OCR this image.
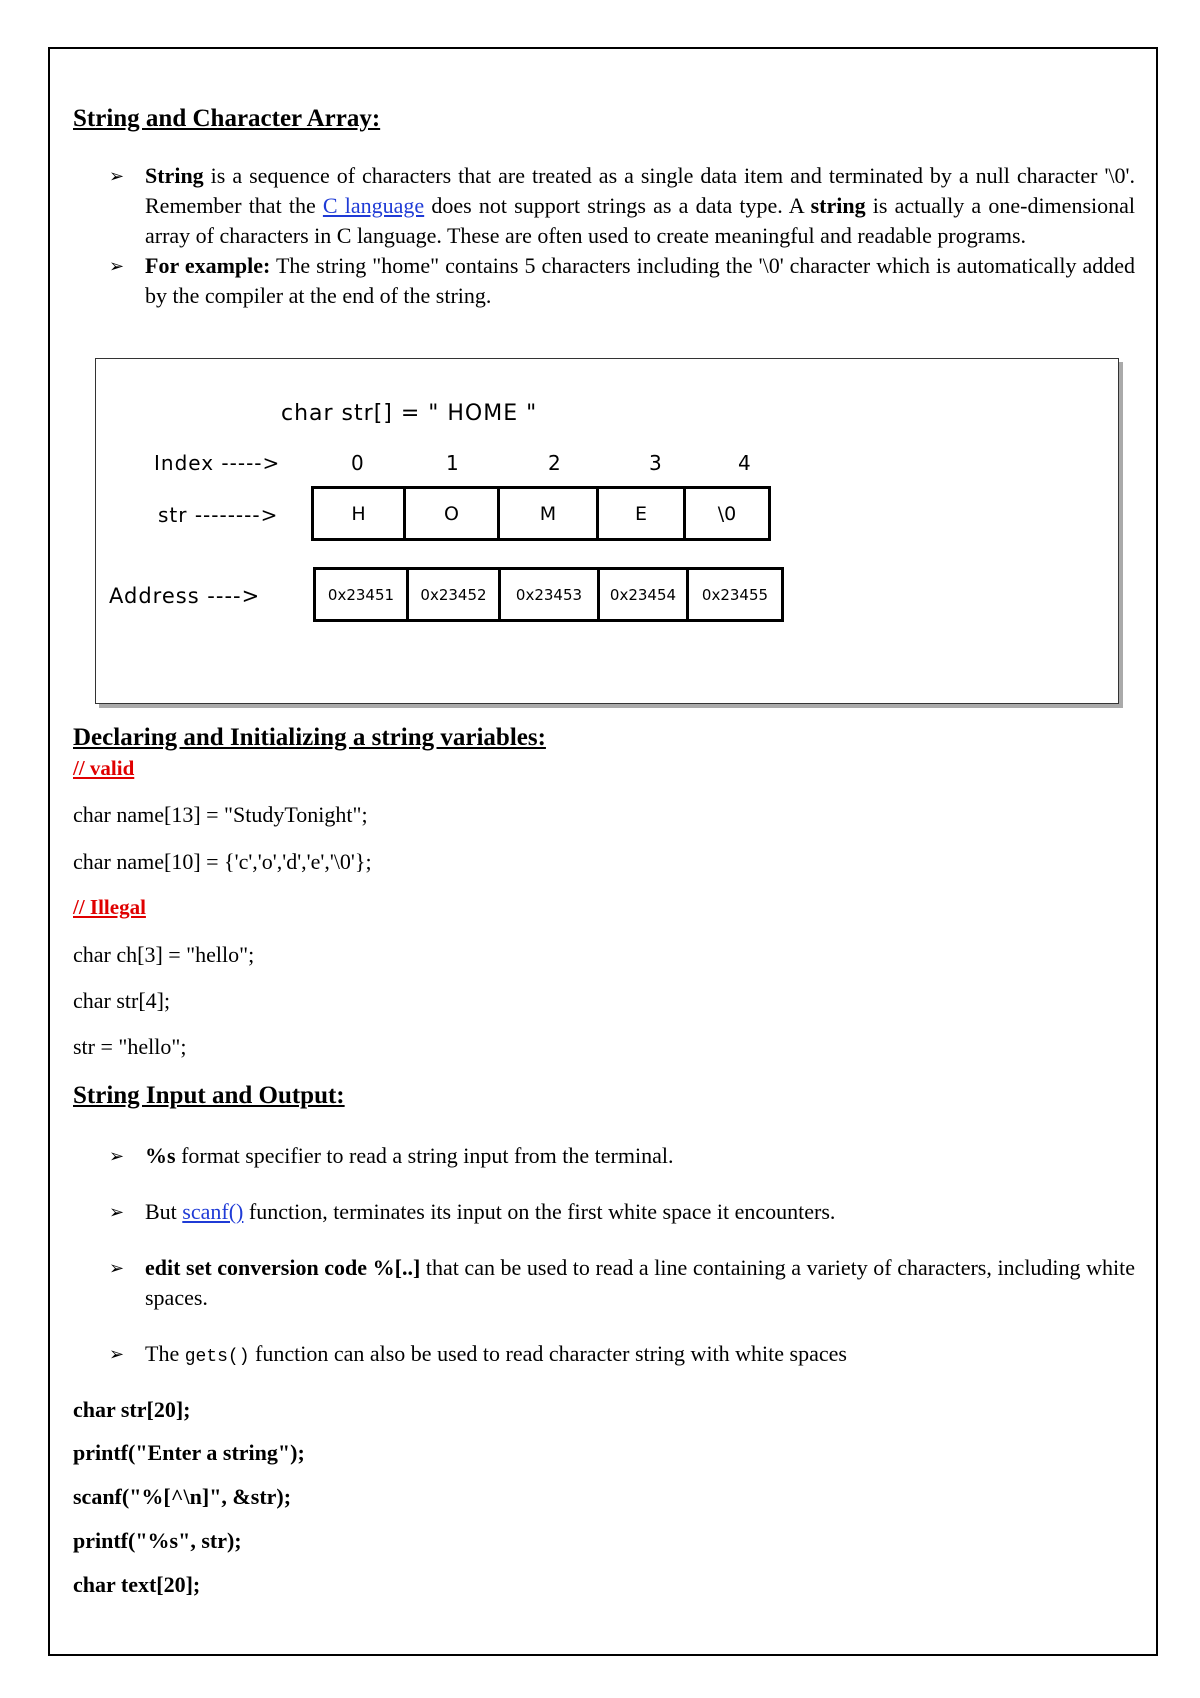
String and Character Array:
➢ String is a sequence of characters that are treated as a single data item and terminated by a null character '\0'. Remember that the C language does not support strings as a data type. A string is actually a one-dimensional array of characters in C language. These are often used to create meaningful and readable programs.
➢ For example: The string "home" contains 5 characters including the '\0' character which is automatically added by the compiler at the end of the string.
char str[] = " HOME "
Index ----->	0	1	2	3	4
str -------->	H	O	M	E	\0
Address ---->	0x23451	0x23452	0x23453	0x23454	0x23455
Declaring and Initializing a string variables:
// valid
char name[13] = "StudyTonight";
char name[10] = {'c','o','d','e','\0'};
// Illegal
char ch[3] = "hello";
char str[4];
str = "hello";
String Input and Output:
➢ %s format specifier to read a string input from the terminal.
➢ But scanf() function, terminates its input on the first white space it encounters.
➢ edit set conversion code %[..] that can be used to read a line containing a variety of characters, including white spaces.
➢ The gets() function can also be used to read character string with white spaces
char str[20];
printf("Enter a string");
scanf("%[^\n]", &str);
printf("%s", str);
char text[20];
